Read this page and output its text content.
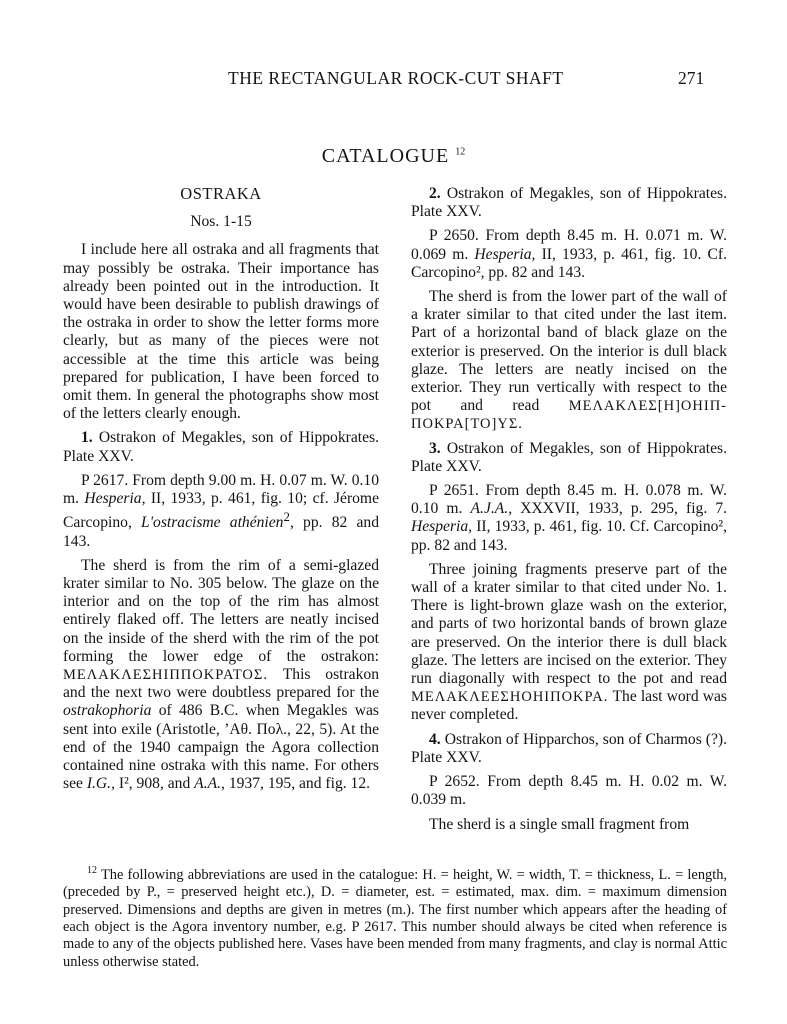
THE RECTANGULAR ROCK-CUT SHAFT	271
CATALOGUE $^{12}$
OSTRAKA
Nos. 1-15

I include here all ostraka and all fragments that may possibly be ostraka. Their importance has already been pointed out in the introduction. It would have been desirable to publish drawings of the ostraka in order to show the letter forms more clearly, but as many of the pieces were not accessible at the time this article was being prepared for publication, I have been forced to omit them. In general the photographs show most of the letters clearly enough.

1. Ostrakon of Megakles, son of Hippokrates. Plate XXV.

P 2617. From depth 9.00 m. H. 0.07 m. W. 0.10 m. Hesperia, II, 1933, p. 461, fig. 10; cf. Jérome Carcopino, L'ostracisme athénien$^2$, pp. 82 and 143.

The sherd is from the rim of a semi-glazed krater similar to No. 305 below. The glaze on the interior and on the top of the rim has almost entirely flaked off. The letters are neatly incised on the inside of the sherd with the rim of the pot forming the lower edge of the ostrakon: ΜΕΛΑΚΛΕΣΗΙΠΠΟΚΡΑΤΟΣ. This ostrakon and the next two were doubtless prepared for the ostrakophoria of 486 B.C. when Megakles was sent into exile (Aristotle, ’Αθ. Πολ., 22, 5). At the end of the 1940 campaign the Agora collection contained nine ostraka with this name. For others see I.G., I², 908, and A.A., 1937, 195, and fig. 12.

2. Ostrakon of Megakles, son of Hippokrates. Plate XXV.

P 2650. From depth 8.45 m. H. 0.071 m. W. 0.069 m. Hesperia, II, 1933, p. 461, fig. 10. Cf. Carcopino², pp. 82 and 143.

The sherd is from the lower part of the wall of a krater similar to that cited under the last item. Part of a horizontal band of black glaze on the exterior is preserved. On the interior is dull black glaze. The letters are neatly incised on the exterior. They run vertically with respect to the pot and read ΜΕΛΑΚΛΕΣ[Η]ΟΗΙΠ-ΠΟΚΡΑ[ΤΟ]ΥΣ.

3. Ostrakon of Megakles, son of Hippokrates. Plate XXV.

P 2651. From depth 8.45 m. H. 0.078 m. W. 0.10 m. A.J.A., XXXVII, 1933, p. 295, fig. 7. Hesperia, II, 1933, p. 461, fig. 10. Cf. Carcopino², pp. 82 and 143.

Three joining fragments preserve part of the wall of a krater similar to that cited under No. 1. There is light-brown glaze wash on the exterior, and parts of two horizontal bands of brown glaze are preserved. On the interior there is dull black glaze. The letters are incised on the exterior. They run diagonally with respect to the pot and read ΜΕΛΑΚΛΕΕΣΗΟΗΙΠΟΚΡΑ. The last word was never completed.

4. Ostrakon of Hipparchos, son of Charmos (?). Plate XXV.

P 2652. From depth 8.45 m. H. 0.02 m. W. 0.039 m.

The sherd is a single small fragment from

$^{12}$ The following abbreviations are used in the catalogue: H. = height, W. = width, T. = thickness, L. = length, (preceded by P., = preserved height etc.), D. = diameter, est. = estimated, max. dim. = maximum dimension preserved. Dimensions and depths are given in metres (m.). The first number which appears after the heading of each object is the Agora inventory number, e.g. P 2617. This number should always be cited when reference is made to any of the objects published here. Vases have been mended from many fragments, and clay is normal Attic unless otherwise stated.
